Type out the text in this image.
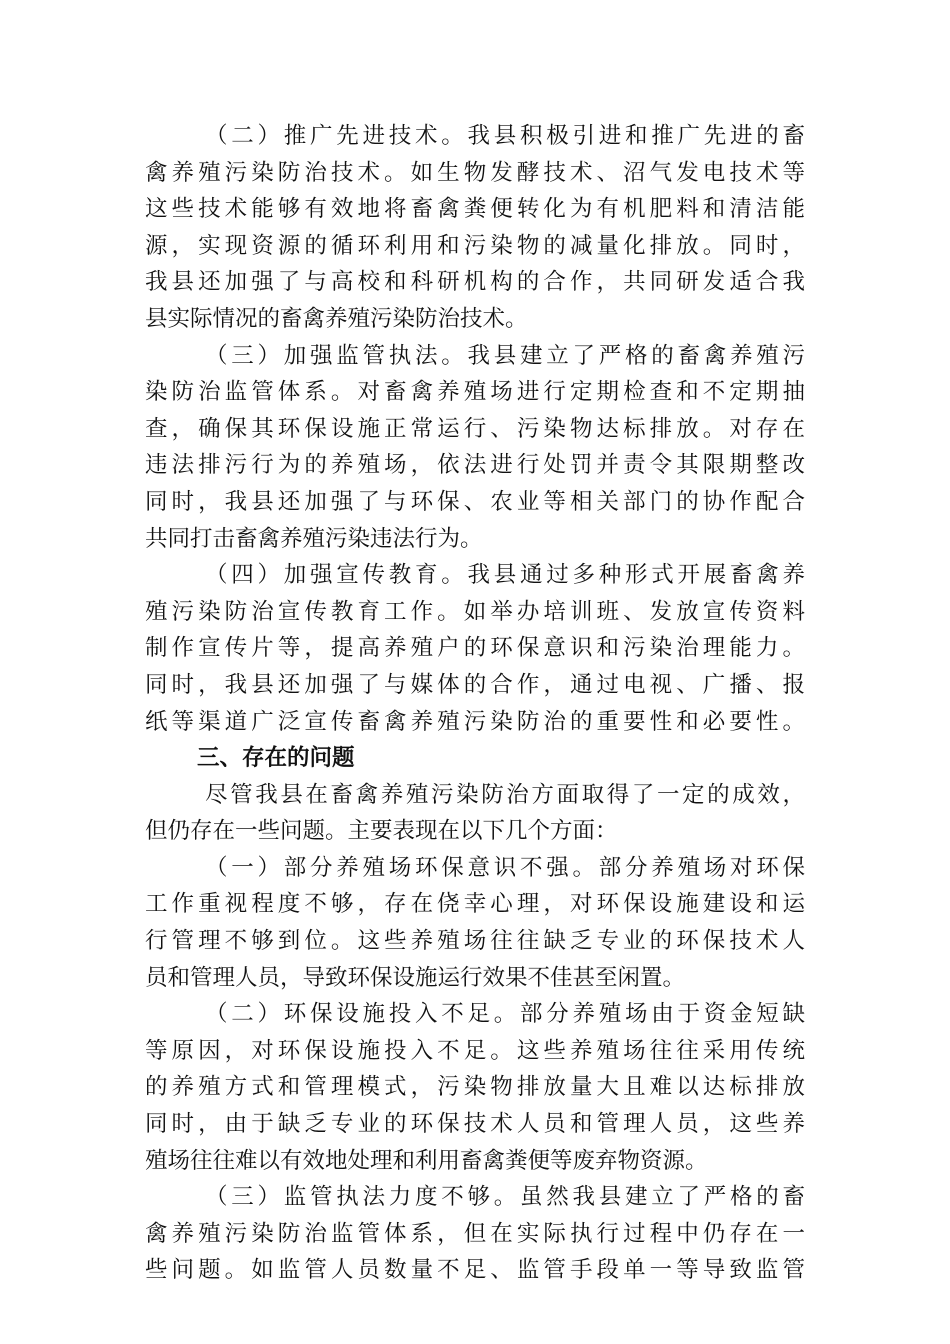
（二）推广先进技术。我县积极引进和推广先进的畜
禽养殖污染防治技术。如生物发酵技术、沼气发电技术等
这些技术能够有效地将畜禽粪便转化为有机肥料和清洁能
源，实现资源的循环利用和污染物的减量化排放。同时，
我县还加强了与高校和科研机构的合作，共同研发适合我
县实际情况的畜禽养殖污染防治技术。
（三）加强监管执法。我县建立了严格的畜禽养殖污
染防治监管体系。对畜禽养殖场进行定期检查和不定期抽
查，确保其环保设施正常运行、污染物达标排放。对存在
违法排污行为的养殖场，依法进行处罚并责令其限期整改
同时，我县还加强了与环保、农业等相关部门的协作配合
共同打击畜禽养殖污染违法行为。
（四）加强宣传教育。我县通过多种形式开展畜禽养
殖污染防治宣传教育工作。如举办培训班、发放宣传资料
制作宣传片等，提高养殖户的环保意识和污染治理能力。
同时，我县还加强了与媒体的合作，通过电视、广播、报
纸等渠道广泛宣传畜禽养殖污染防治的重要性和必要性。
三、存在的问题
尽管我县在畜禽养殖污染防治方面取得了一定的成效，
但仍存在一些问题。主要表现在以下几个方面：
（一）部分养殖场环保意识不强。部分养殖场对环保
工作重视程度不够，存在侥幸心理，对环保设施建设和运
行管理不够到位。这些养殖场往往缺乏专业的环保技术人
员和管理人员，导致环保设施运行效果不佳甚至闲置。
（二）环保设施投入不足。部分养殖场由于资金短缺
等原因，对环保设施投入不足。这些养殖场往往采用传统
的养殖方式和管理模式，污染物排放量大且难以达标排放
同时，由于缺乏专业的环保技术人员和管理人员，这些养
殖场往往难以有效地处理和利用畜禽粪便等废弃物资源。
（三）监管执法力度不够。虽然我县建立了严格的畜
禽养殖污染防治监管体系，但在实际执行过程中仍存在一
些问题。如监管人员数量不足、监管手段单一等导致监管
